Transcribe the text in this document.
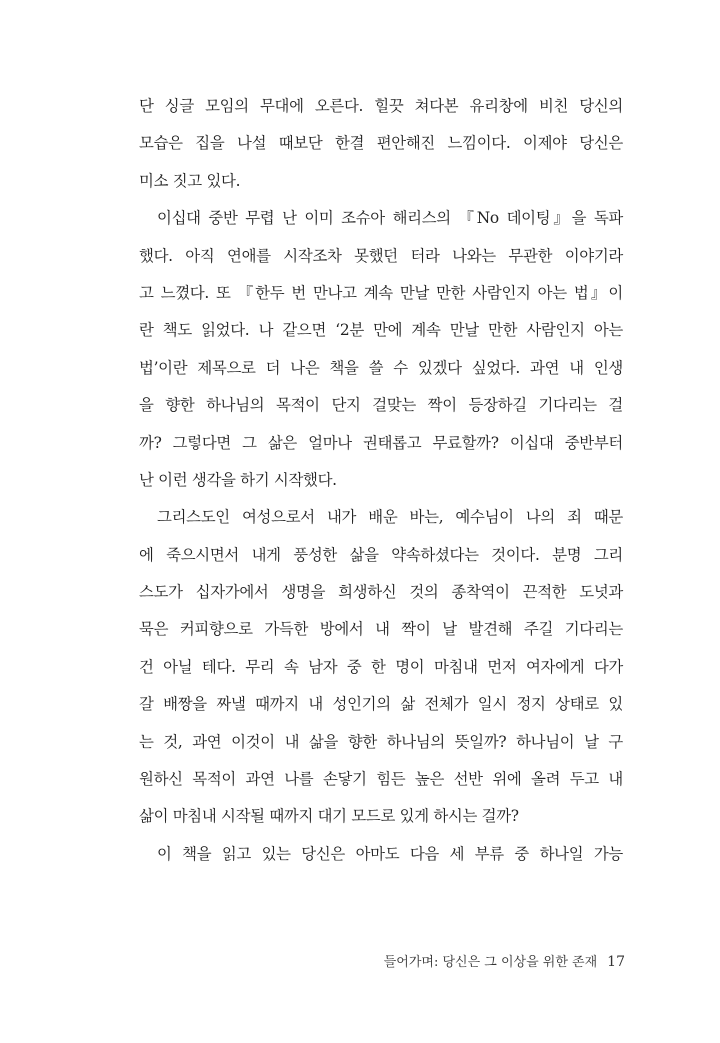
단 싱글 모임의 무대에 오른다. 힐끗 쳐다본 유리창에 비친 당신의
모습은 집을 나설 때보단 한결 편안해진 느낌이다. 이제야 당신은
미소 짓고 있다.
이십대 중반 무렵 난 이미 조슈아 해리스의 『No 데이팅』을 독파
했다. 아직 연애를 시작조차 못했던 터라 나와는 무관한 이야기라
고 느꼈다. 또 『한두 번 만나고 계속 만날 만한 사람인지 아는 법』이
란 책도 읽었다. 나 같으면 ‘2분 만에 계속 만날 만한 사람인지 아는
법’이란 제목으로 더 나은 책을 쓸 수 있겠다 싶었다. 과연 내 인생
을 향한 하나님의 목적이 단지 걸맞는 짝이 등장하길 기다리는 걸
까? 그렇다면 그 삶은 얼마나 권태롭고 무료할까? 이십대 중반부터
난 이런 생각을 하기 시작했다.
그리스도인 여성으로서 내가 배운 바는, 예수님이 나의 죄 때문
에 죽으시면서 내게 풍성한 삶을 약속하셨다는 것이다. 분명 그리
스도가 십자가에서 생명을 희생하신 것의 종착역이 끈적한 도넛과
묵은 커피향으로 가득한 방에서 내 짝이 날 발견해 주길 기다리는
건 아닐 테다. 무리 속 남자 중 한 명이 마침내 먼저 여자에게 다가
갈 배짱을 짜낼 때까지 내 성인기의 삶 전체가 일시 정지 상태로 있
는 것, 과연 이것이 내 삶을 향한 하나님의 뜻일까? 하나님이 날 구
원하신 목적이 과연 나를 손닿기 힘든 높은 선반 위에 올려 두고 내
삶이 마침내 시작될 때까지 대기 모드로 있게 하시는 걸까?
이 책을 읽고 있는 당신은 아마도 다음 세 부류 중 하나일 가능
들어가며: 당신은 그 이상을 위한 존재 17
